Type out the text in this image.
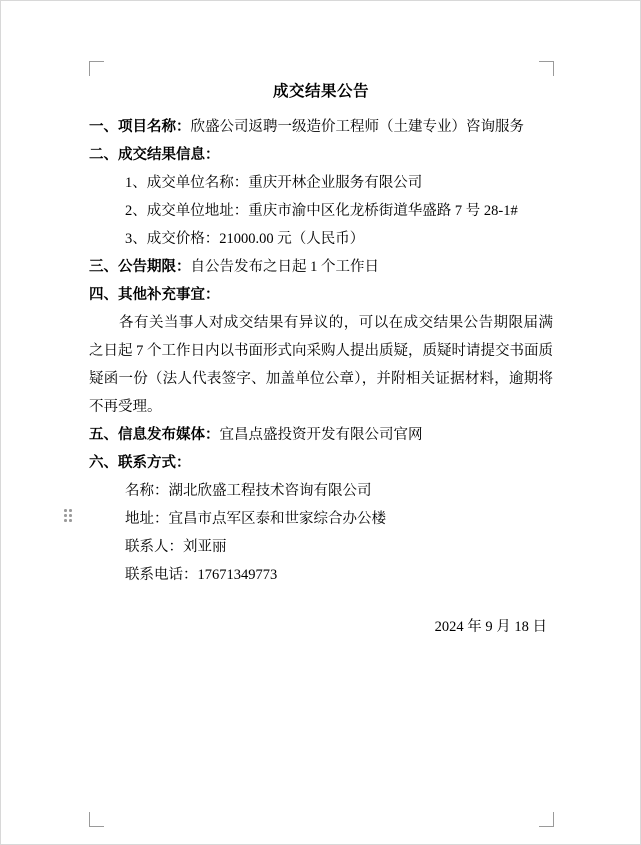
成交结果公告
一、项目名称：欣盛公司返聘一级造价工程师（土建专业）咨询服务
二、成交结果信息：
1、成交单位名称：重庆开林企业服务有限公司
2、成交单位地址：重庆市渝中区化龙桥街道华盛路 7 号 28-1#
3、成交价格：21000.00 元（人民币）
三、公告期限：自公告发布之日起 1 个工作日
四、其他补充事宜：
各有关当事人对成交结果有异议的，可以在成交结果公告期限届满之日起 7 个工作日内以书面形式向采购人提出质疑，质疑时请提交书面质疑函一份（法人代表签字、加盖单位公章），并附相关证据材料，逾期将不再受理。
五、信息发布媒体：宜昌点盛投资开发有限公司官网
六、联系方式：
名称：湖北欣盛工程技术咨询有限公司
地址：宜昌市点军区泰和世家综合办公楼
联系人：刘亚丽
联系电话：17671349773
2024 年 9 月 18 日
